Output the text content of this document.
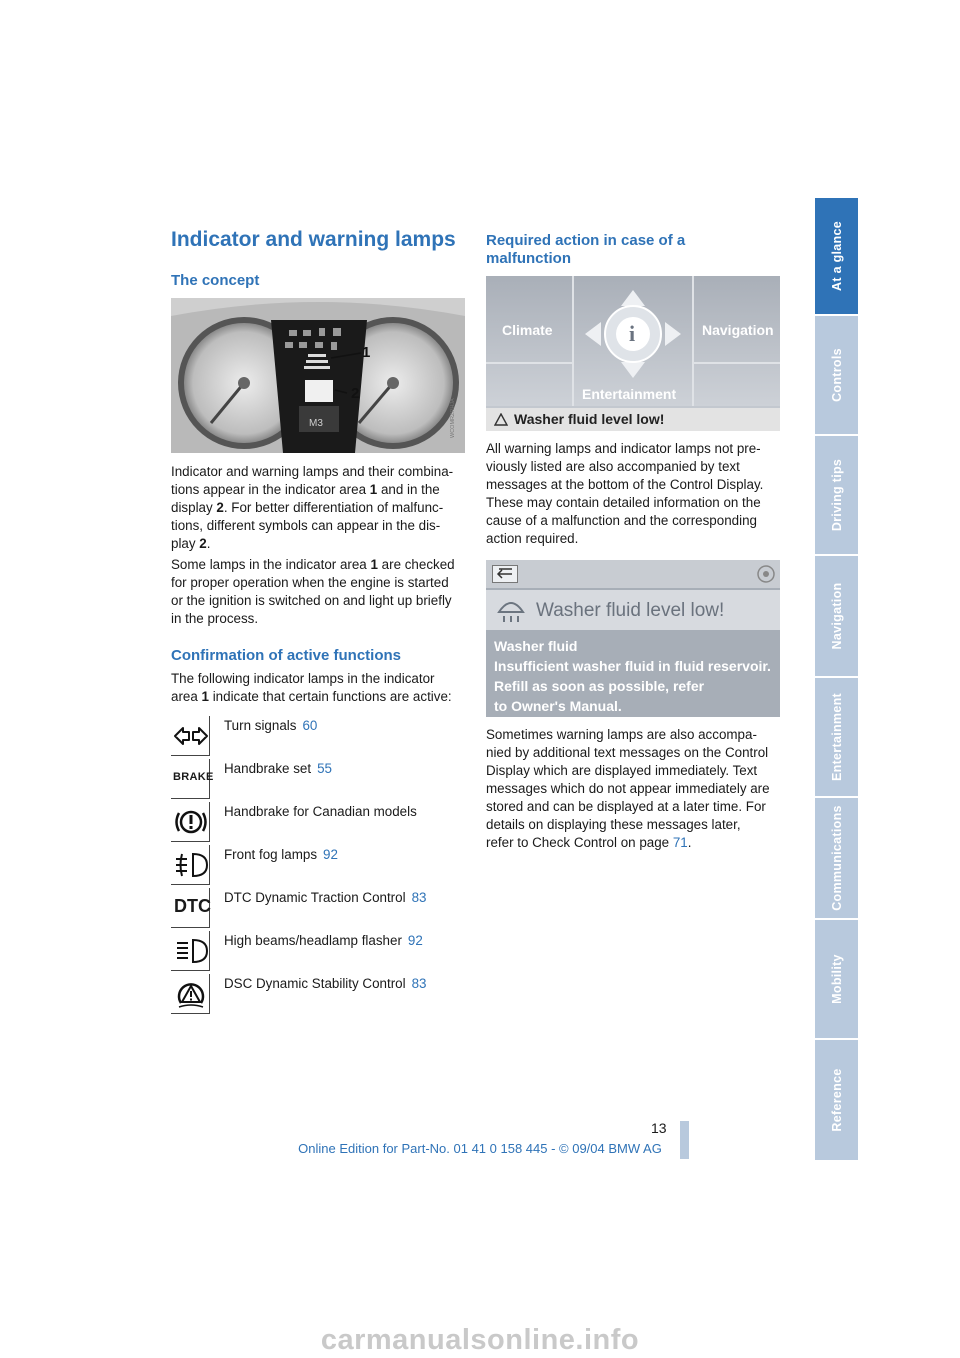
At a glance
Controls
Driving tips
Navigation
Entertainment
Communications
Mobility
Reference
Indicator and warning lamps
The concept
M3	WCOMRZRHJA
1
2

Indicator and warning lamps and their combina-
tions appear in the indicator area 1 and in the
display 2. For better differentiation of malfunc-
tions, different symbols can appear in the dis-
play 2.

Some lamps in the indicator area 1 are checked
for proper operation when the engine is started
or the ignition is switched on and light up briefly
in the process.

Confirmation of active functions

The following indicator lamps in the indicator
area 1 indicate that certain functions are active:

Turn signals 60
BRAKE
Handbrake set 55
Handbrake for Canadian models
Front fog lamps 92
DTC DTC Dynamic Traction Control 83
High beams/headlamp flasher 92
DSC Dynamic Stability Control 83
Required action in case of a
malfunction
Climate	Navigation
Entertainment
i
Washer fluid level low!

All warning lamps and indicator lamps not pre-
viously listed are also accompanied by text
messages at the bottom of the Control Display.
These may contain detailed information on the
cause of a malfunction and the corresponding
action required.

Washer fluid level low!
Washer fluid
Insufficient washer fluid in fluid reservoir.
Refill as soon as possible, refer
to Owner's Manual.

Sometimes warning lamps are also accompa-
nied by additional text messages on the Control
Display which are displayed immediately. Text
messages which do not appear immediately are
stored and can be displayed at a later time. For
details on displaying these messages later,
refer to Check Control on page 71.

13
Online Edition for Part-No. 01 41 0 158 445 - © 09/04 BMW AG
carmanualsonline.info
